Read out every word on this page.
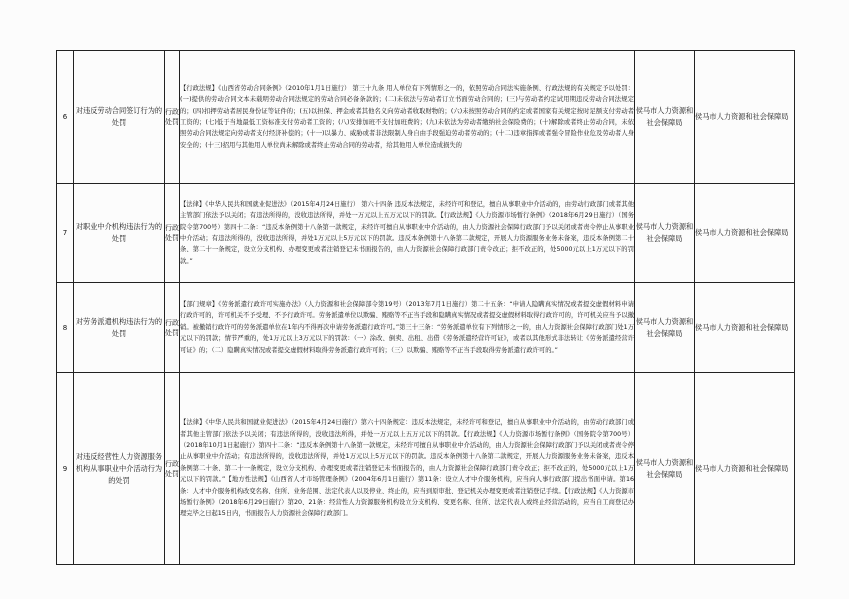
6	对违反劳动合同签订行为的处罚	行政处罚	【行政法规】《山西省劳动合同条例》（2010年1月1日施行） 第三十九条 用人单位有下列情形之一的，依照劳动合同法实施条例、行政法规的有关规定予以处罚：(一)提供的劳动合同文本未载明劳动合同法规定的劳动合同必备条款的；(二)未依法与劳动者订立书面劳动合同的；(三)与劳动者约定试用期违反劳动合同法规定的；(四)扣押劳动者居民身份证等证件的；(五)以担保、押金或者其他名义向劳动者收取财物的；(六)未按照劳动合同的约定或者国家有关规定按时足额支付劳动者工资的；(七)低于当地最低工资标准支付劳动者工资的；(八)安排加班不支付加班费的；(九)未依法为劳动者缴纳社会保险费的；(十)解除或者终止劳动合同，未依照劳动合同法规定向劳动者支付经济补偿的；(十一)以暴力、威胁或者非法限制人身自由手段强迫劳动者劳动的；(十二)违章指挥或者强令冒险作业危及劳动者人身安全的；(十三)招用与其他用人单位尚未解除或者终止劳动合同的劳动者，给其他用人单位造成损失的	侯马市人力资源和社会保障局	侯马市人力资源和社会保障局
7	对职业中介机构违法行为的处罚	行政处罚	【法律】《中华人民共和国就业促进法》（2015年4月24日施行） 第六十四条 违反本法规定，未经许可和登记，擅自从事职业中介活动的，由劳动行政部门或者其他主管部门依法予以关闭；有违法所得的，没收违法所得，并处一万元以上五万元以下的罚款。【行政法规】《人力资源市场暂行条例》（2018年6月29日施行）（国务院令第700号）第四十二条：“违反本条例第十八条第一款规定，未经许可擅自从事职业中介活动的，由人力资源社会保障行政部门予以关闭或者责令停止从事职业中介活动；有违法所得的，没收违法所得，并处1万元以上5万元以下的罚款。违反本条例第十八条第二款规定，开展人力资源服务业务未备案，违反本条例第二十条、第二十一条规定，设立分支机构、办理变更或者注销登记未书面报告的，由人力资源社会保障行政部门责令改正；拒不改正的，处5000元以上1万元以下的罚款。”	侯马市人力资源和社会保障局	侯马市人力资源和社会保障局
8	对劳务派遣机构违法行为的处罚	行政处罚	【部门规章】《劳务派遣行政许可实施办法》（人力资源和社会保障部令第19号）（2013年7月1日施行）第二十五条：“申请人隐瞒真实情况或者提交虚假材料申请行政许可的，许可机关不予受理、不予行政许可。劳务派遣单位以欺骗、贿赂等不正当手段和隐瞒真实情况或者提交虚假材料取得行政许可的，许可机关应当予以撤销。被撤销行政许可的劳务派遣单位在1年内不得再次申请劳务派遣行政许可。”第三十三条：“劳务派遣单位有下列情形之一的，由人力资源社会保障行政部门处1万元以下的罚款；情节严重的，处1万元以上3万元以下的罚款：（一）涂改、倒卖、出租、出借《劳务派遣经营许可证》，或者以其他形式非法转让《劳务派遣经营许可证》的；（二）隐瞒真实情况或者提交虚假材料取得劳务派遣行政许可的；（三）以欺骗、贿赂等不正当手段取得劳务派遣行政许可的。”	侯马市人力资源和社会保障局	侯马市人力资源和社会保障局
9	对违反经营性人力资源服务机构从事职业中介活动行为的处罚	行政处罚	【法律】《中华人民共和国就业促进法》（2015年4月24日施行）第六十四条规定：违反本法规定，未经许可和登记，擅自从事职业中介活动的，由劳动行政部门或者其他主管部门依法予以关闭；有违法所得的，没收违法所得，并处一万元以上五万元以下的罚款。【行政法规】《人力资源市场暂行条例》（国务院令第700号）（2018年10月1日起施行）第四十二条：“违反本条例第十八条第一款规定，未经许可擅自从事职业中介活动的，由人力资源社会保障行政部门予以关闭或者责令停止从事职业中介活动；有违法所得的，没收违法所得，并处1万元以上5万元以下的罚款。违反本条例第十八条第二款规定，开展人力资源服务业务未备案，违反本条例第二十条、第二十一条规定，设立分支机构、办理变更或者注销登记未书面报告的，由人力资源社会保障行政部门责令改正；拒不改正的，处5000元以上1万元以下的罚款。”【地方性法规】《山西省人才市场管理条例》（2004年6月1日施行）第11条：设立人才中介服务机构，应当向人事行政部门提出书面申请。第16条：人才中介服务机构改变名称、住所、业务范围、法定代表人以及停业、终止的，应当到原审批、登记机关办理变更或者注销登记手续。【行政法规】《人力资源市场暂行条例》（2018年6月29日施行）第20、21条：经营性人力资源服务机构设立分支机构、变更名称、住所、法定代表人或终止经营活动的，应当自工商登记办理完毕之日起15日内，书面报告人力资源社会保障行政部门。	侯马市人力资源和社会保障局	侯马市人力资源和社会保障局
